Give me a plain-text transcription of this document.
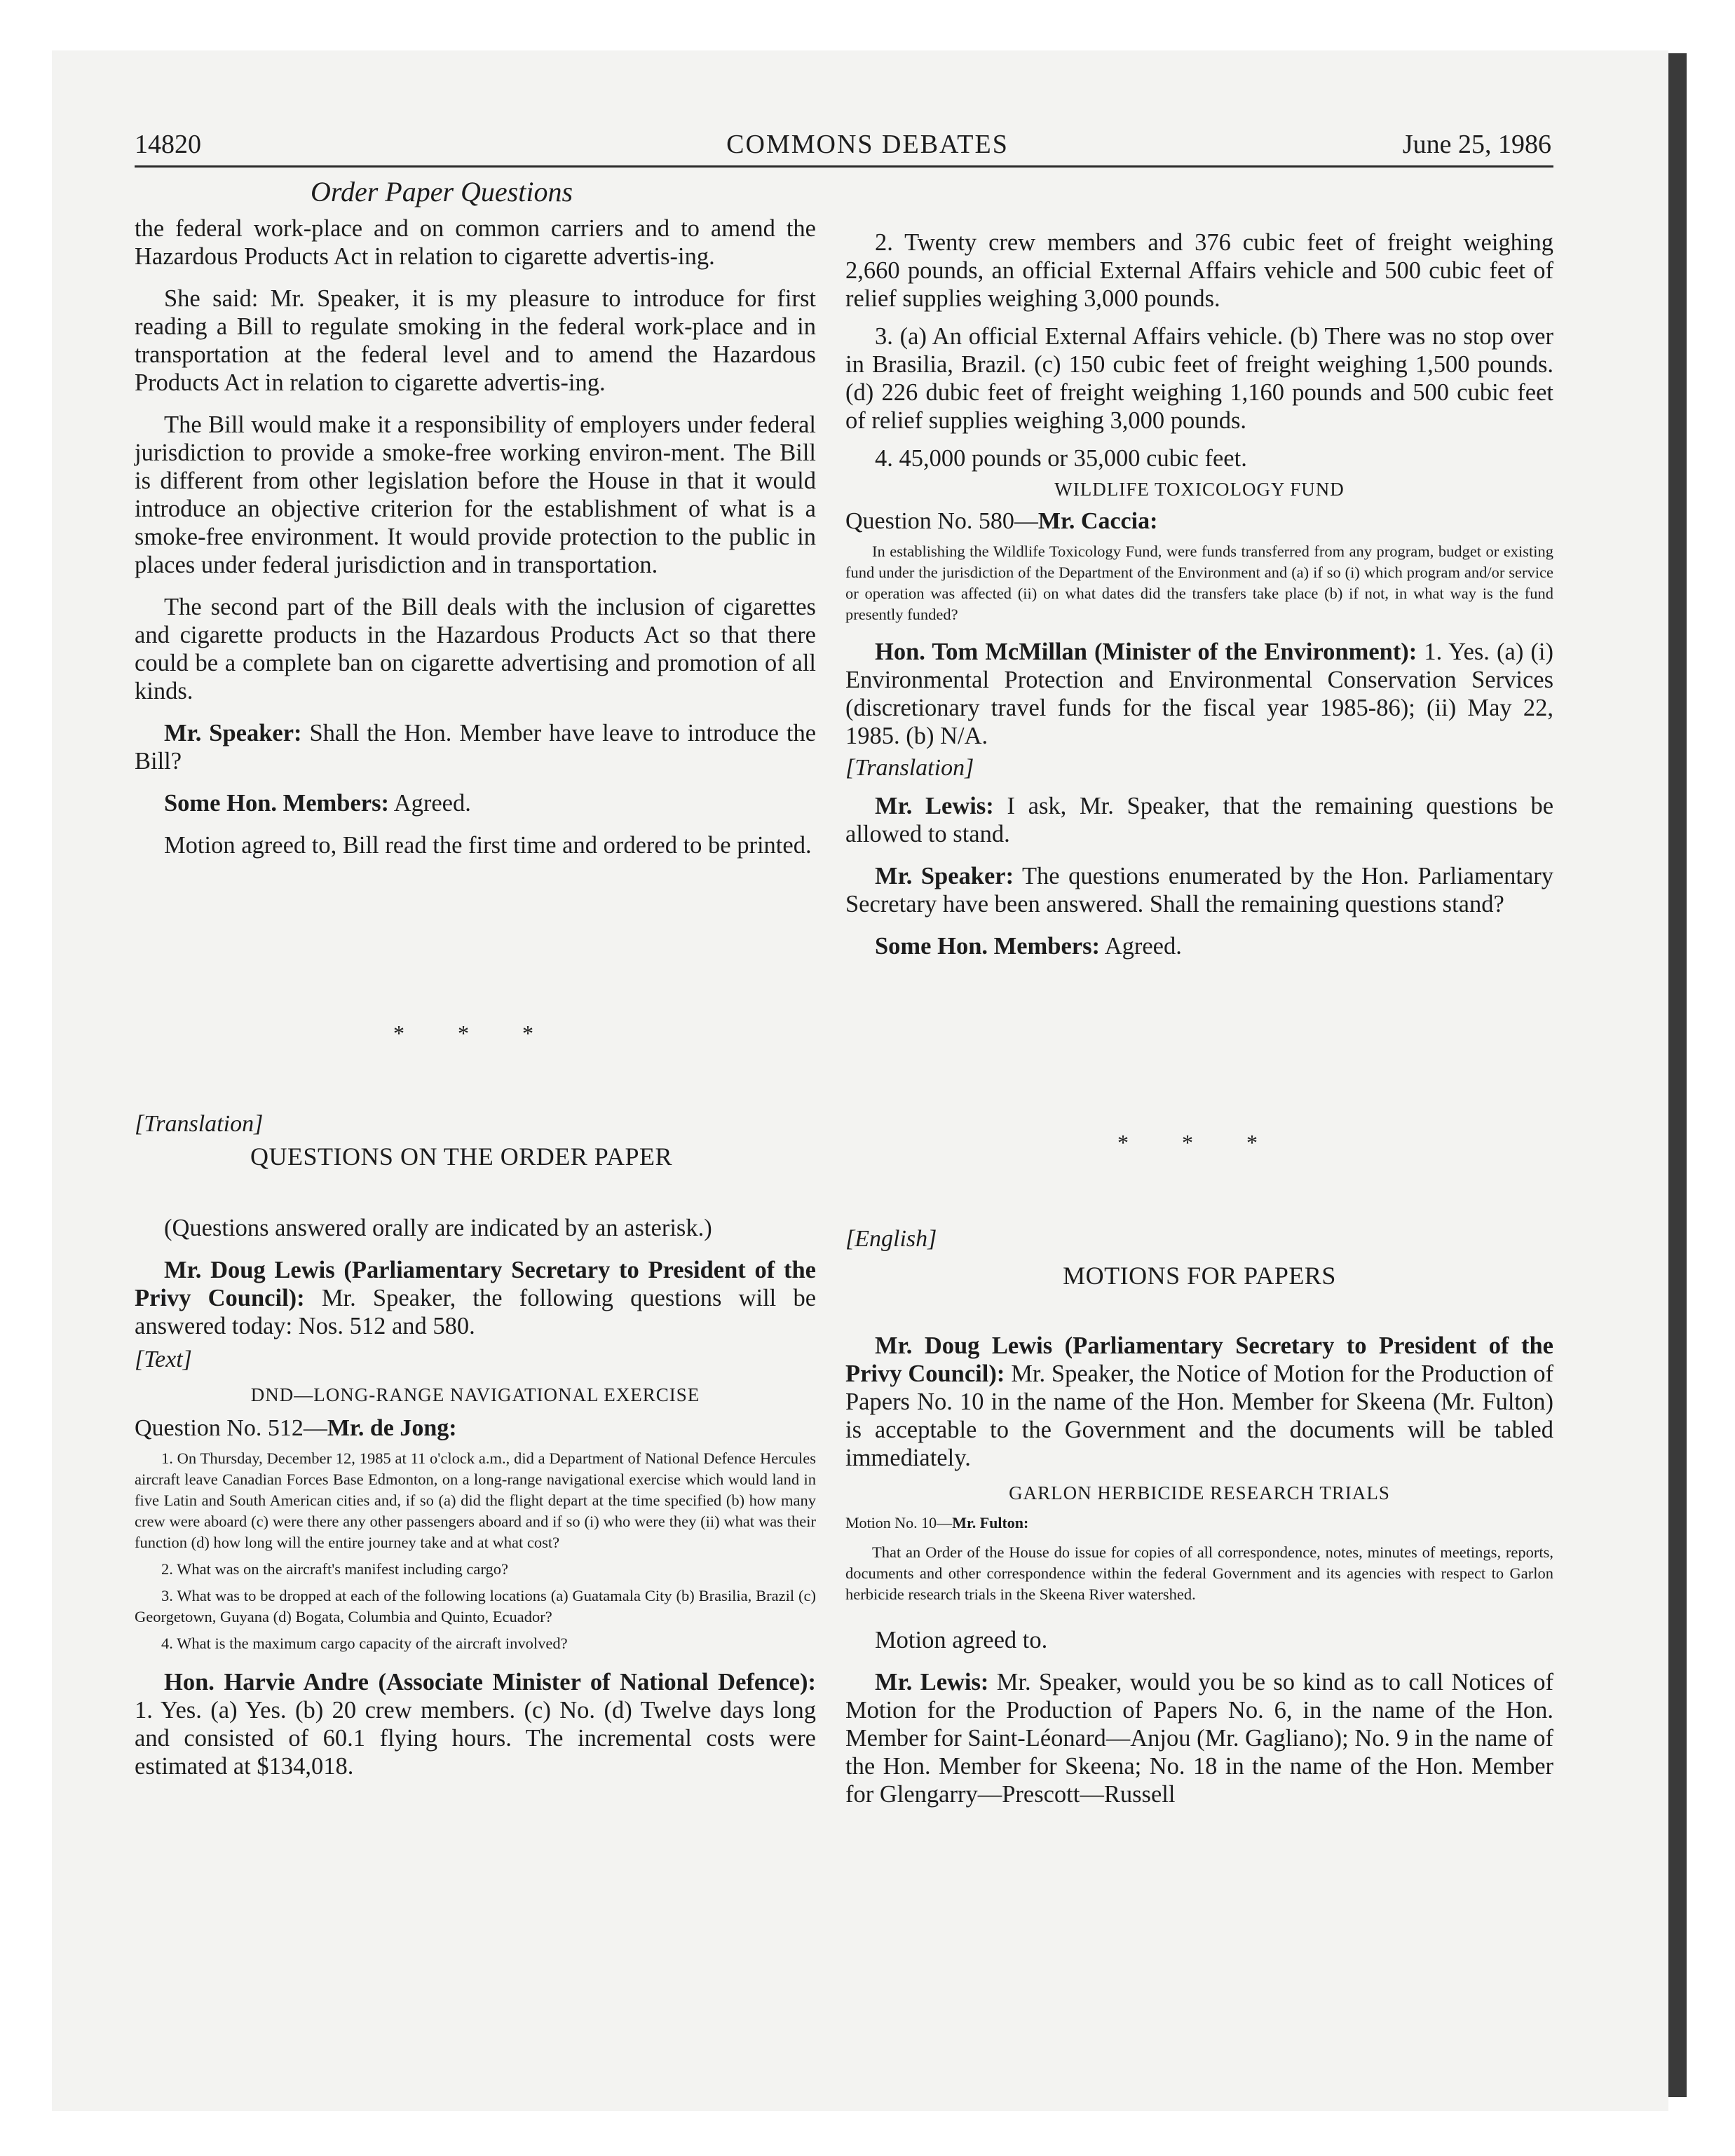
14820	COMMONS DEBATES	June 25, 1986
Order Paper Questions

the federal work-place and on common carriers and to amend the Hazardous Products Act in relation to cigarette advertis-ing.

She said: Mr. Speaker, it is my pleasure to introduce for first reading a Bill to regulate smoking in the federal work-place and in transportation at the federal level and to amend the Hazardous Products Act in relation to cigarette advertis-ing.

The Bill would make it a responsibility of employers under federal jurisdiction to provide a smoke-free working environ-ment. The Bill is different from other legislation before the House in that it would introduce an objective criterion for the establishment of what is a smoke-free environment. It would provide protection to the public in places under federal jurisdiction and in transportation.

The second part of the Bill deals with the inclusion of cigarettes and cigarette products in the Hazardous Products Act so that there could be a complete ban on cigarette advertising and promotion of all kinds.

Mr. Speaker: Shall the Hon. Member have leave to introduce the Bill?

Some Hon. Members: Agreed.

Motion agreed to, Bill read the first time and ordered to be printed.

* * *

[Translation]

QUESTIONS ON THE ORDER PAPER

(Questions answered orally are indicated by an asterisk.)

Mr. Doug Lewis (Parliamentary Secretary to President of the Privy Council): Mr. Speaker, the following questions will be answered today: Nos. 512 and 580.

[Text]

DND—LONG-RANGE NAVIGATIONAL EXERCISE

Question No. 512—Mr. de Jong:

1. On Thursday, December 12, 1985 at 11 o'clock a.m., did a Department of National Defence Hercules aircraft leave Canadian Forces Base Edmonton, on a long-range navigational exercise which would land in five Latin and South American cities and, if so (a) did the flight depart at the time specified (b) how many crew were aboard (c) were there any other passengers aboard and if so (i) who were they (ii) what was their function (d) how long will the entire journey take and at what cost?

2. What was on the aircraft's manifest including cargo?

3. What was to be dropped at each of the following locations (a) Guatamala City (b) Brasilia, Brazil (c) Georgetown, Guyana (d) Bogata, Columbia and Quinto, Ecuador?

4. What is the maximum cargo capacity of the aircraft involved?

Hon. Harvie Andre (Associate Minister of National Defence): 1. Yes. (a) Yes. (b) 20 crew members. (c) No. (d) Twelve days long and consisted of 60.1 flying hours. The incremental costs were estimated at $134,018.

2. Twenty crew members and 376 cubic feet of freight weighing 2,660 pounds, an official External Affairs vehicle and 500 cubic feet of relief supplies weighing 3,000 pounds.

3. (a) An official External Affairs vehicle. (b) There was no stop over in Brasilia, Brazil. (c) 150 cubic feet of freight weighing 1,500 pounds. (d) 226 dubic feet of freight weighing 1,160 pounds and 500 cubic feet of relief supplies weighing 3,000 pounds.

4. 45,000 pounds or 35,000 cubic feet.

WILDLIFE TOXICOLOGY FUND

Question No. 580—Mr. Caccia:

In establishing the Wildlife Toxicology Fund, were funds transferred from any program, budget or existing fund under the jurisdiction of the Department of the Environment and (a) if so (i) which program and/or service or operation was affected (ii) on what dates did the transfers take place (b) if not, in what way is the fund presently funded?

Hon. Tom McMillan (Minister of the Environment): 1. Yes. (a) (i) Environmental Protection and Environmental Conservation Services (discretionary travel funds for the fiscal year 1985-86); (ii) May 22, 1985. (b) N/A.

[Translation]

Mr. Lewis: I ask, Mr. Speaker, that the remaining questions be allowed to stand.

Mr. Speaker: The questions enumerated by the Hon. Parliamentary Secretary have been answered. Shall the remaining questions stand?

Some Hon. Members: Agreed.

* * *

[English]

MOTIONS FOR PAPERS

Mr. Doug Lewis (Parliamentary Secretary to President of the Privy Council): Mr. Speaker, the Notice of Motion for the Production of Papers No. 10 in the name of the Hon. Member for Skeena (Mr. Fulton) is acceptable to the Government and the documents will be tabled immediately.

GARLON HERBICIDE RESEARCH TRIALS

Motion No. 10—Mr. Fulton:

That an Order of the House do issue for copies of all correspondence, notes, minutes of meetings, reports, documents and other correspondence within the federal Government and its agencies with respect to Garlon herbicide research trials in the Skeena River watershed.

Motion agreed to.

Mr. Lewis: Mr. Speaker, would you be so kind as to call Notices of Motion for the Production of Papers No. 6, in the name of the Hon. Member for Saint-Léonard—Anjou (Mr. Gagliano); No. 9 in the name of the Hon. Member for Skeena; No. 18 in the name of the Hon. Member for Glengarry—Prescott—Russell
